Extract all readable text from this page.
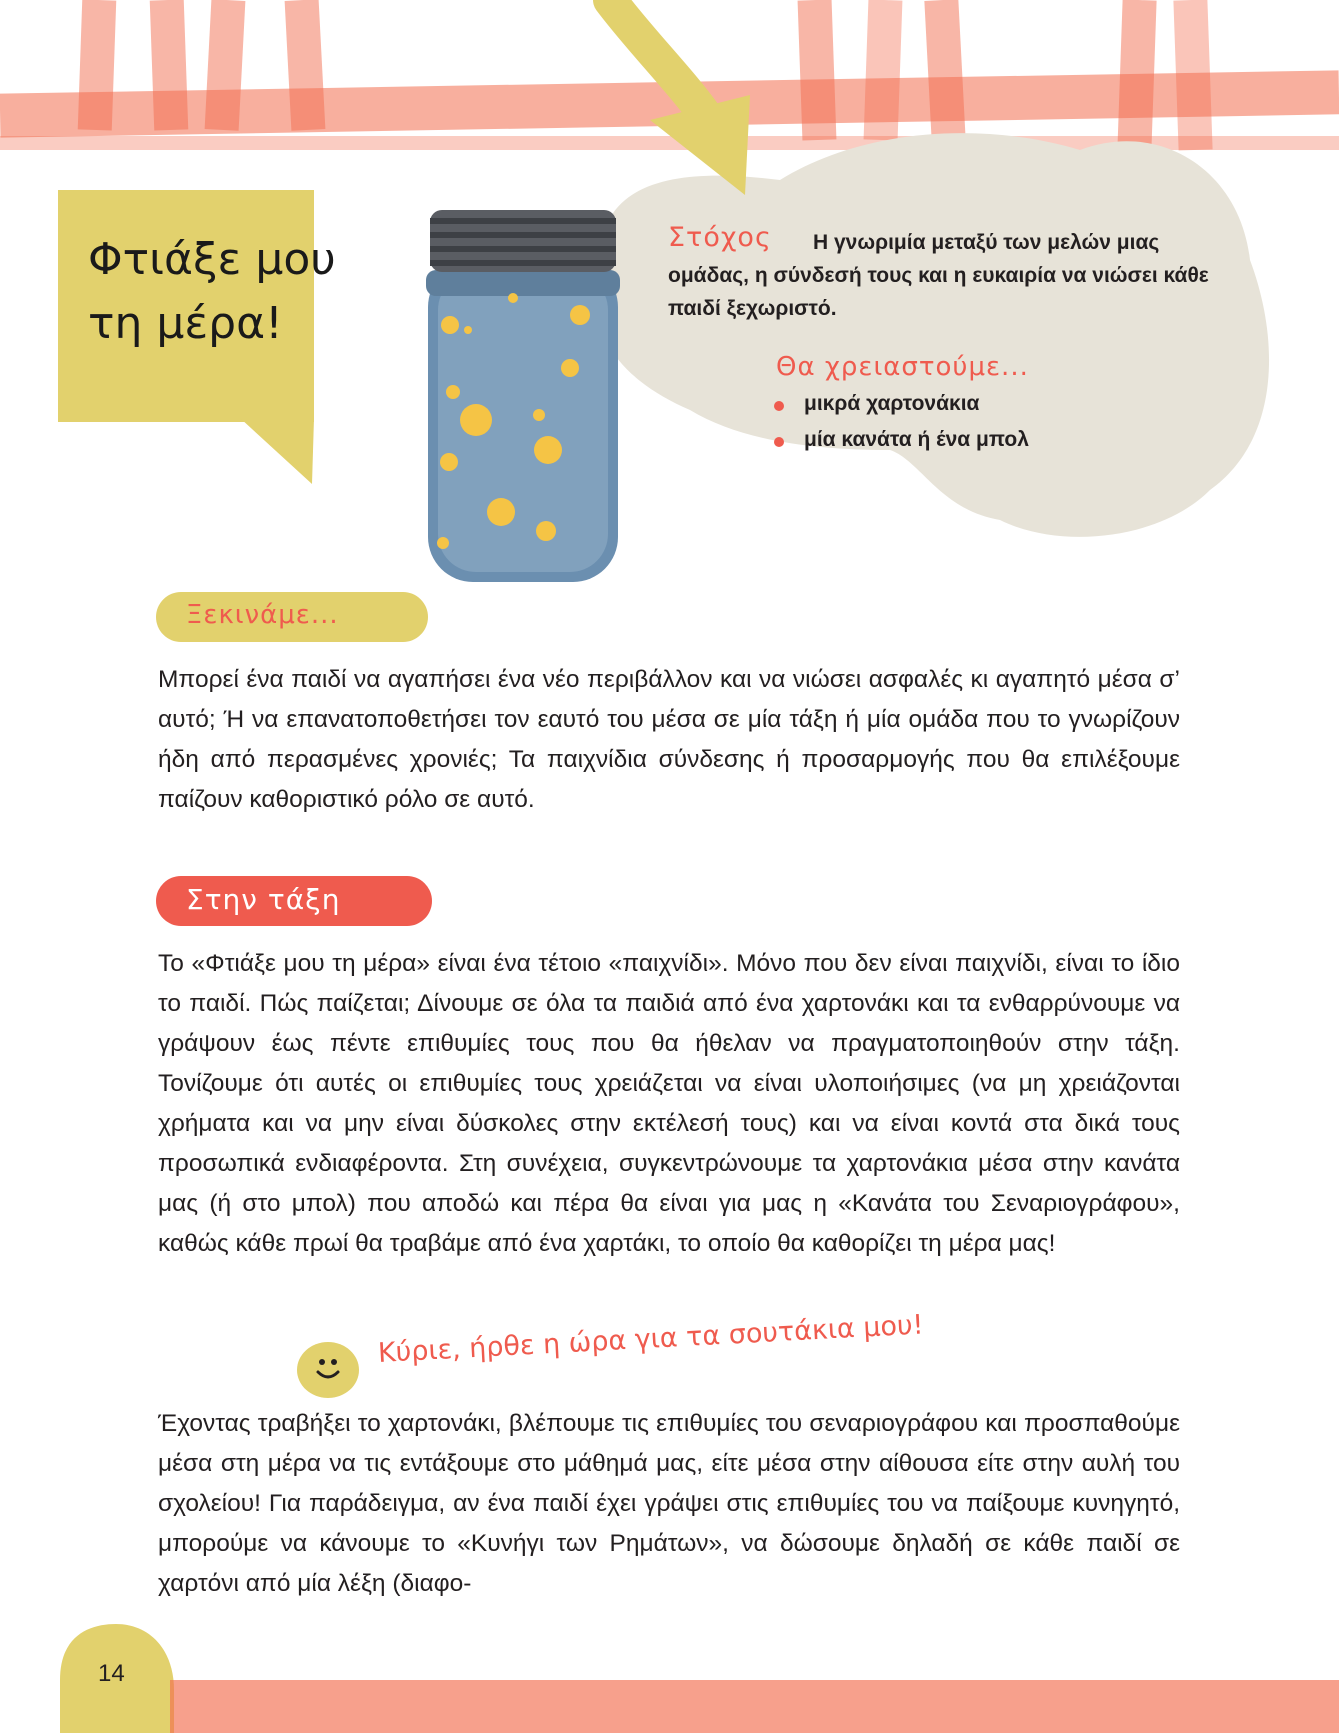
Φτιάξε μου τη μέρα!
Στόχος	Η γνωριμία μεταξύ των μελών μιας ομάδας, η σύνδεσή τους και η ευκαιρία να νιώσει κάθε παιδί ξεχωριστό.
Θα χρειαστούμε...
μικρά χαρτονάκια
μία κανάτα ή ένα μπολ
Ξεκινάμε...
Μπορεί ένα παιδί να αγαπήσει ένα νέο περιβάλλον και να νιώσει ασφαλές κι αγαπητό μέσα σ’ αυτό; Ή να επανατοποθετήσει τον εαυτό του μέσα σε μία τάξη ή μία ομάδα που το γνωρίζουν ήδη από περασμένες χρονιές; Τα παιχνίδια σύνδεσης ή προσαρμογής που θα επιλέξουμε παίζουν καθοριστικό ρόλο σε αυτό.
Στην τάξη
Το «Φτιάξε μου τη μέρα» είναι ένα τέτοιο «παιχνίδι». Μόνο που δεν είναι παιχνίδι, είναι το ίδιο το παιδί. Πώς παίζεται; Δίνουμε σε όλα τα παιδιά από ένα χαρτονάκι και τα ενθαρρύνουμε να γράψουν έως πέντε επιθυμίες τους που θα ήθελαν να πραγματοποιηθούν στην τάξη. Τονίζουμε ότι αυτές οι επιθυμίες τους χρειάζεται να είναι υλοποιήσιμες (να μη χρειάζονται χρήματα και να μην είναι δύσκολες στην εκτέλεσή τους) και να είναι κοντά στα δικά τους προσωπικά ενδιαφέροντα. Στη συνέχεια, συγκεντρώνουμε τα χαρτονάκια μέσα στην κανάτα μας (ή στο μπολ) που αποδώ και πέρα θα είναι για μας η «Κανάτα του Σεναριογράφου», καθώς κάθε πρωί θα τραβάμε από ένα χαρτάκι, το οποίο θα καθορίζει τη μέρα μας!
Κύριε, ήρθε η ώρα για τα σουτάκια μου!
Έχοντας τραβήξει το χαρτονάκι, βλέπουμε τις επιθυμίες του σεναριογράφου και προσπαθούμε μέσα στη μέρα να τις εντάξουμε στο μάθημά μας, είτε μέσα στην αίθουσα είτε στην αυλή του σχολείου! Για παράδειγμα, αν ένα παιδί έχει γράψει στις επιθυμίες του να παίξουμε κυνηγητό, μπορούμε να κάνουμε το «Κυνήγι των Ρημάτων», να δώσουμε δηλαδή σε κάθε παιδί σε χαρτόνι από μία λέξη (διαφο-
14
